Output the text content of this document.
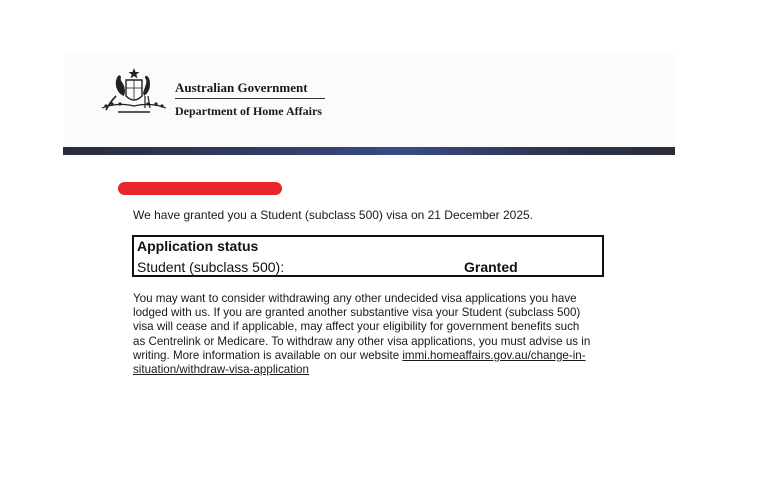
Australian Government
Department of Home Affairs
We have granted you a Student (subclass 500) visa on 21 December 2025.
Application status
Student (subclass 500):	Granted

You may want to consider withdrawing any other undecided visa applications you have lodged with us. If you are granted another substantive visa your Student (subclass 500) visa will cease and if applicable, may affect your eligibility for government benefits such as Centrelink or Medicare. To withdraw any other visa applications, you must advise us in writing. More information is available on our website immi.homeaffairs.gov.au/change-in-situation/withdraw-visa-application
